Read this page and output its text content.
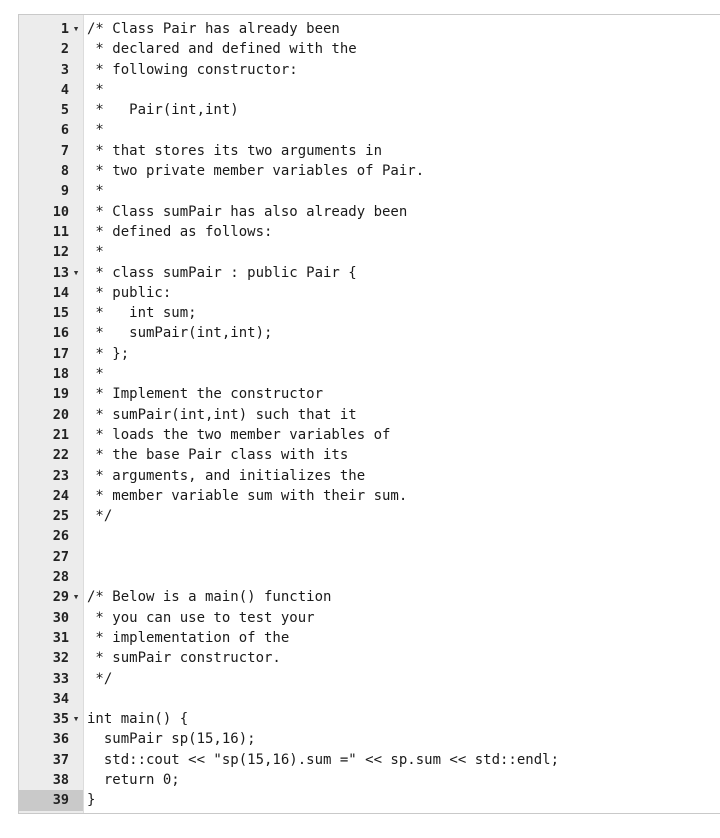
1 ▾ /* Class Pair has already been
2 * declared and defined with the
3 * following constructor:
4 *
5 *   Pair(int,int)
6 *
7 * that stores its two arguments in
8 * two private member variables of Pair.
9 *
10 * Class sumPair has also already been
11 * defined as follows:
12 *
13 ▾ * class sumPair : public Pair {
14 * public:
15 *   int sum;
16 *   sumPair(int,int);
17 * };
18 *
19 * Implement the constructor
20 * sumPair(int,int) such that it
21 * loads the two member variables of
22 * the base Pair class with its
23 * arguments, and initializes the
24 * member variable sum with their sum.
25 */
26
27
28
29 ▾ /* Below is a main() function
30 * you can use to test your
31 * implementation of the
32 * sumPair constructor.
33 */
34
35 ▾ int main() {
36 sumPair sp(15,16);
37 std::cout << "sp(15,16).sum =" << sp.sum << std::endl;
38 return 0;
39 }
